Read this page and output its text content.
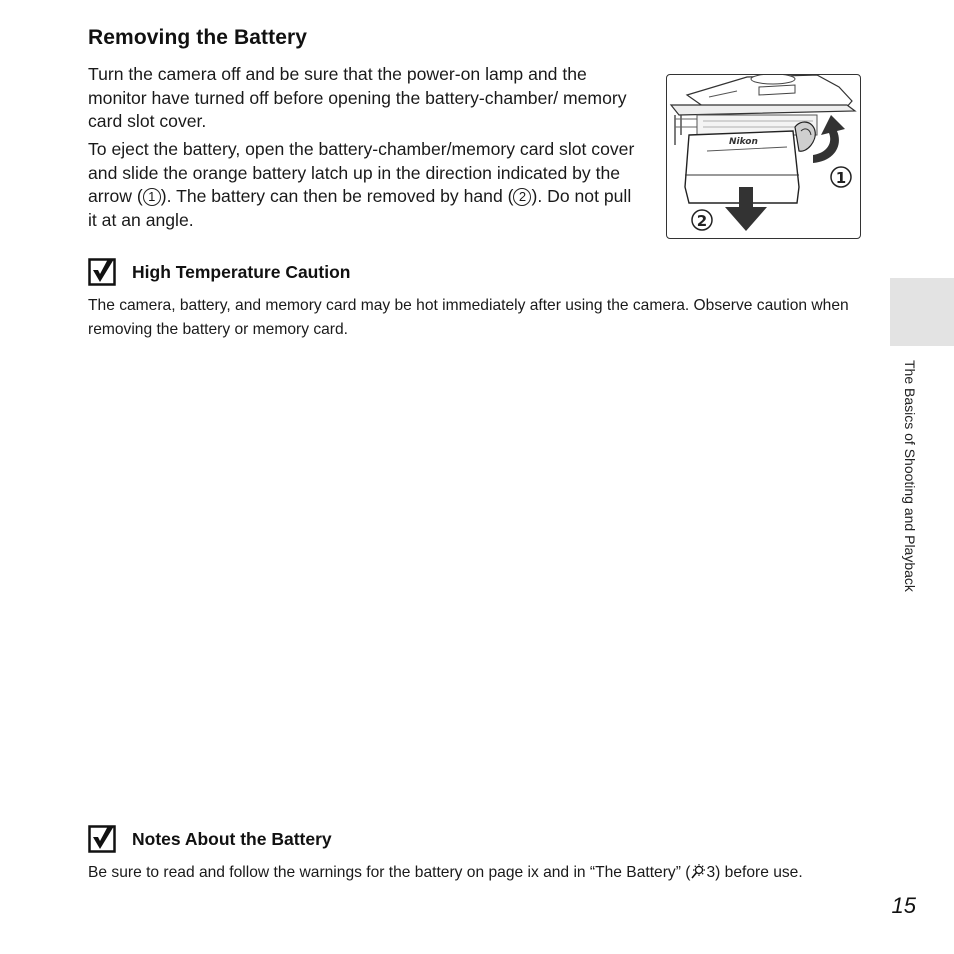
Removing the Battery

Turn the camera off and be sure that the power-on lamp and the monitor have turned off before opening the battery-chamber/ memory card slot cover.

To eject the battery, open the battery-chamber/memory card slot cover and slide the orange battery latch up in the direction indicated by the arrow ( 1 ). The battery can then be removed by hand ( 2 ). Do not pull it at an angle.

Nikon
1
2
High Temperature Caution

The camera, battery, and memory card may be hot immediately after using the camera. Observe caution when removing the battery or memory card.

Notes About the Battery

Be sure to read and follow the warnings for the battery on page ix and in “The Battery” ( 3) before use.

The Basics of Shooting and Playback
15
